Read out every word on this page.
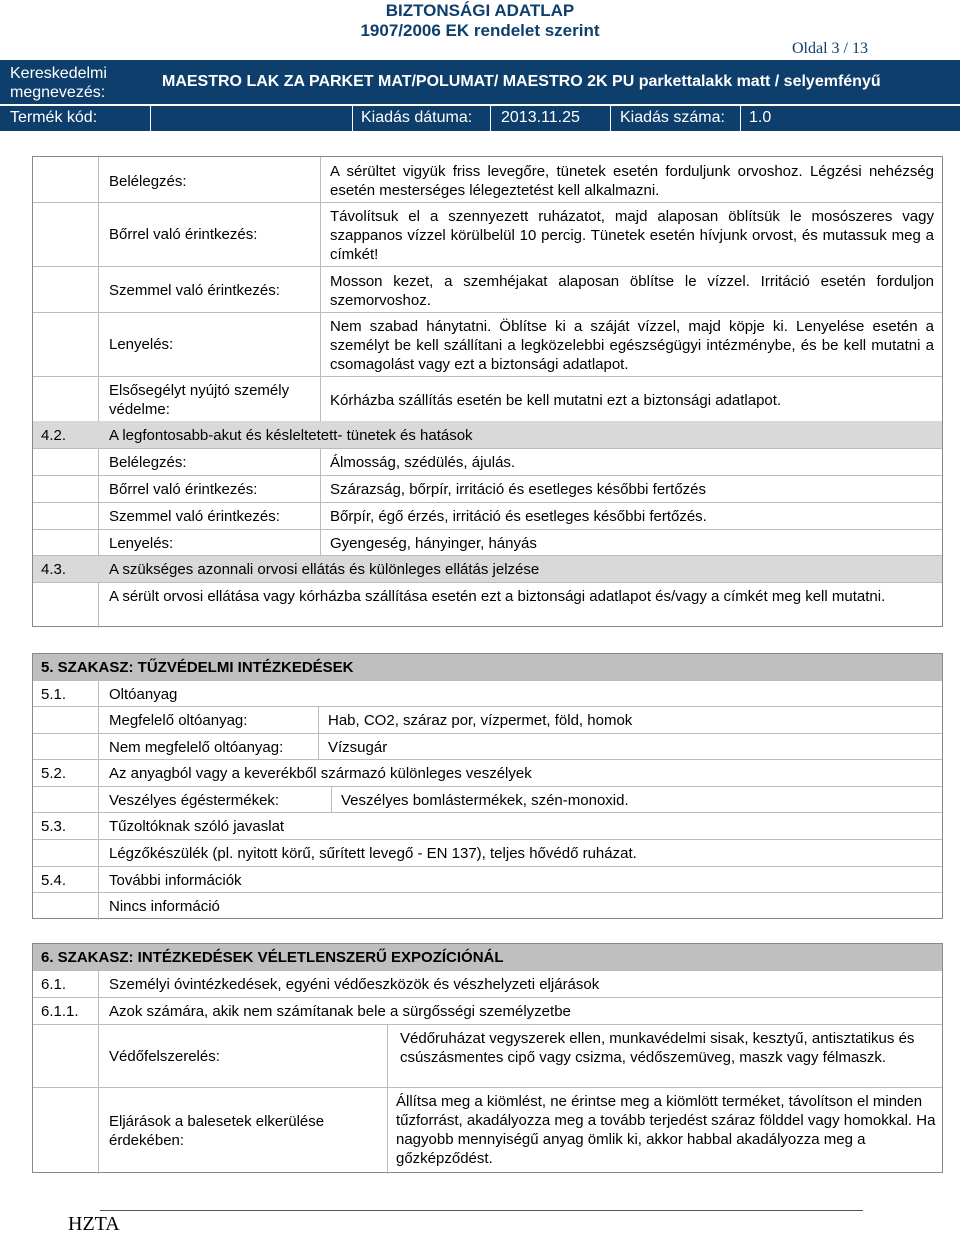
BIZTONSÁGI ADATLAP
1907/2006 EK rendelet szerint
Oldal 3 / 13
Kereskedelmi megnevezés:
MAESTRO LAK ZA PARKET MAT/POLUMAT/ MAESTRO 2K PU parkettalakk matt / selyemfényű
Termék kód:	Kiadás dátuma: 2013.11.25	Kiadás száma: 1.0
Belélegzés:
A sérültet vigyük friss levegőre, tünetek esetén forduljunk orvoshoz. Légzési nehézség esetén mesterséges lélegeztetést kell alkalmazni.
Bőrrel való érintkezés:
Távolítsuk el a szennyezett ruházatot, majd alaposan öblítsük le mosószeres vagy szappanos vízzel körülbelül 10 percig. Tünetek esetén hívjunk orvost, és mutassuk meg a címkét!
Szemmel való érintkezés:
Mosson kezet, a szemhéjakat alaposan öblítse le vízzel. Irritáció esetén forduljon szemorvoshoz.
Lenyelés:
Nem szabad hánytatni. Öblítse ki a száját vízzel, majd köpje ki. Lenyelése esetén a személyt be kell szállítani a legközelebbi egészségügyi intézménybe, és be kell mutatni a csomagolást vagy ezt a biztonsági adatlapot.
Elsősegélyt nyújtó személy védelme:
Kórházba szállítás esetén be kell mutatni ezt a biztonsági adatlapot.
4.2.	A legfontosabb-akut és késleltetett- tünetek és hatások
Belélegzés:	Álmosság, szédülés, ájulás.
Bőrrel való érintkezés:	Szárazság, bőrpír, irritáció és esetleges későbbi fertőzés
Szemmel való érintkezés:	Bőrpír, égő érzés, irritáció és esetleges későbbi fertőzés.
Lenyelés:	Gyengeség, hányinger, hányás
4.3.	A szükséges azonnali orvosi ellátás és különleges ellátás jelzése
A sérült orvosi ellátása vagy kórházba szállítása esetén ezt a biztonsági adatlapot és/vagy a címkét meg kell mutatni.
5. SZAKASZ: TŰZVÉDELMI INTÉZKEDÉSEK
5.1.	Oltóanyag
Megfelelő oltóanyag:	Hab, CO2, száraz por, vízpermet, föld, homok
Nem megfelelő oltóanyag:	Vízsugár
5.2.	Az anyagból vagy a keverékből származó különleges veszélyek
Veszélyes égéstermékek:	Veszélyes bomlástermékek, szén-monoxid.
5.3.	Tűzoltóknak szóló javaslat
Légzőkészülék (pl. nyitott körű, sűrített levegő - EN 137), teljes hővédő ruházat.
5.4.	További információk
Nincs információ
6. SZAKASZ: INTÉZKEDÉSEK VÉLETLENSZERŰ EXPOZÍCIÓNÁL
6.1.	Személyi óvintézkedések, egyéni védőeszközök és vészhelyzeti eljárások
6.1.1. Azok számára, akik nem számítanak bele a sürgősségi személyzetbe
Védőfelszerelés:
Védőruházat vegyszerek ellen, munkavédelmi sisak, kesztyű, antisztatikus és csúszásmentes cipő vagy csizma, védőszemüveg, maszk vagy félmaszk.
Eljárások a balesetek elkerülése érdekében:
Állítsa meg a kiömlést, ne érintse meg a kiömlött terméket, távolítson el minden tűzforrást, akadályozza meg a tovább terjedést száraz földdel vagy homokkal. Ha nagyobb mennyiségű anyag ömlik ki, akkor habbal akadályozza meg a gőzképződést.
HZTA
